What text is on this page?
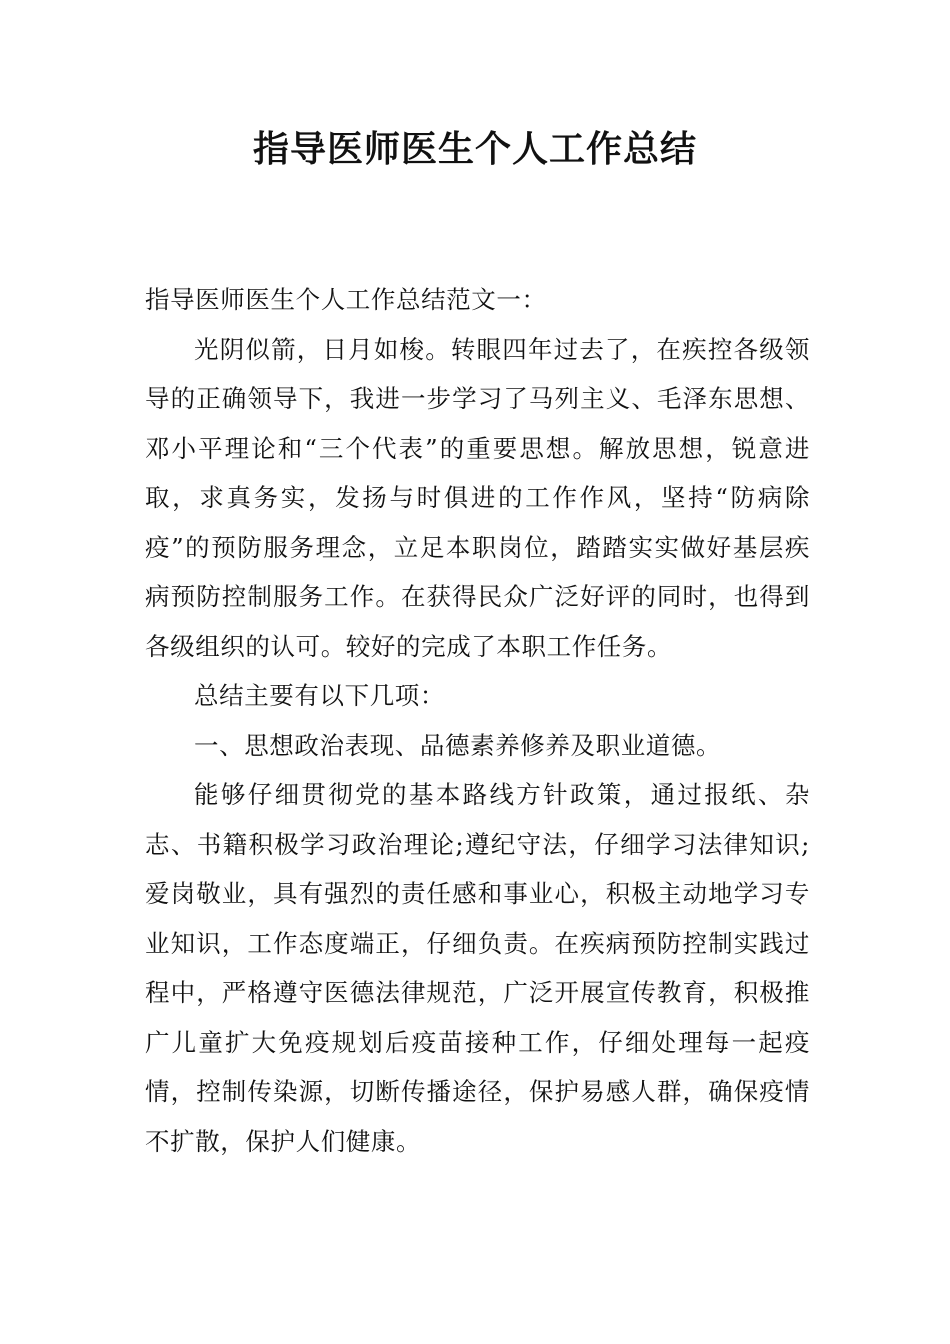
指导医师医生个人工作总结

指导医师医生个人工作总结范文一：

光阴似箭，日月如梭。转眼四年过去了，在疾控各级领导的正确领导下，我进一步学习了马列主义、毛泽东思想、邓小平理论和“三个代表”的重要思想。解放思想，锐意进取，求真务实，发扬与时俱进的工作作风，坚持“防病除疫”的预防服务理念，立足本职岗位，踏踏实实做好基层疾病预防控制服务工作。在获得民众广泛好评的同时，也得到各级组织的认可。较好的完成了本职工作任务。

总结主要有以下几项：

一、思想政治表现、品德素养修养及职业道德。

能够仔细贯彻党的基本路线方针政策，通过报纸、杂志、书籍积极学习政治理论;遵纪守法，仔细学习法律知识;爱岗敬业，具有强烈的责任感和事业心，积极主动地学习专业知识，工作态度端正，仔细负责。在疾病预防控制实践过程中，严格遵守医德法律规范，广泛开展宣传教育，积极推广儿童扩大免疫规划后疫苗接种工作，仔细处理每一起疫情，控制传染源，切断传播途径，保护易感人群，确保疫情不扩散，保护人们健康。
